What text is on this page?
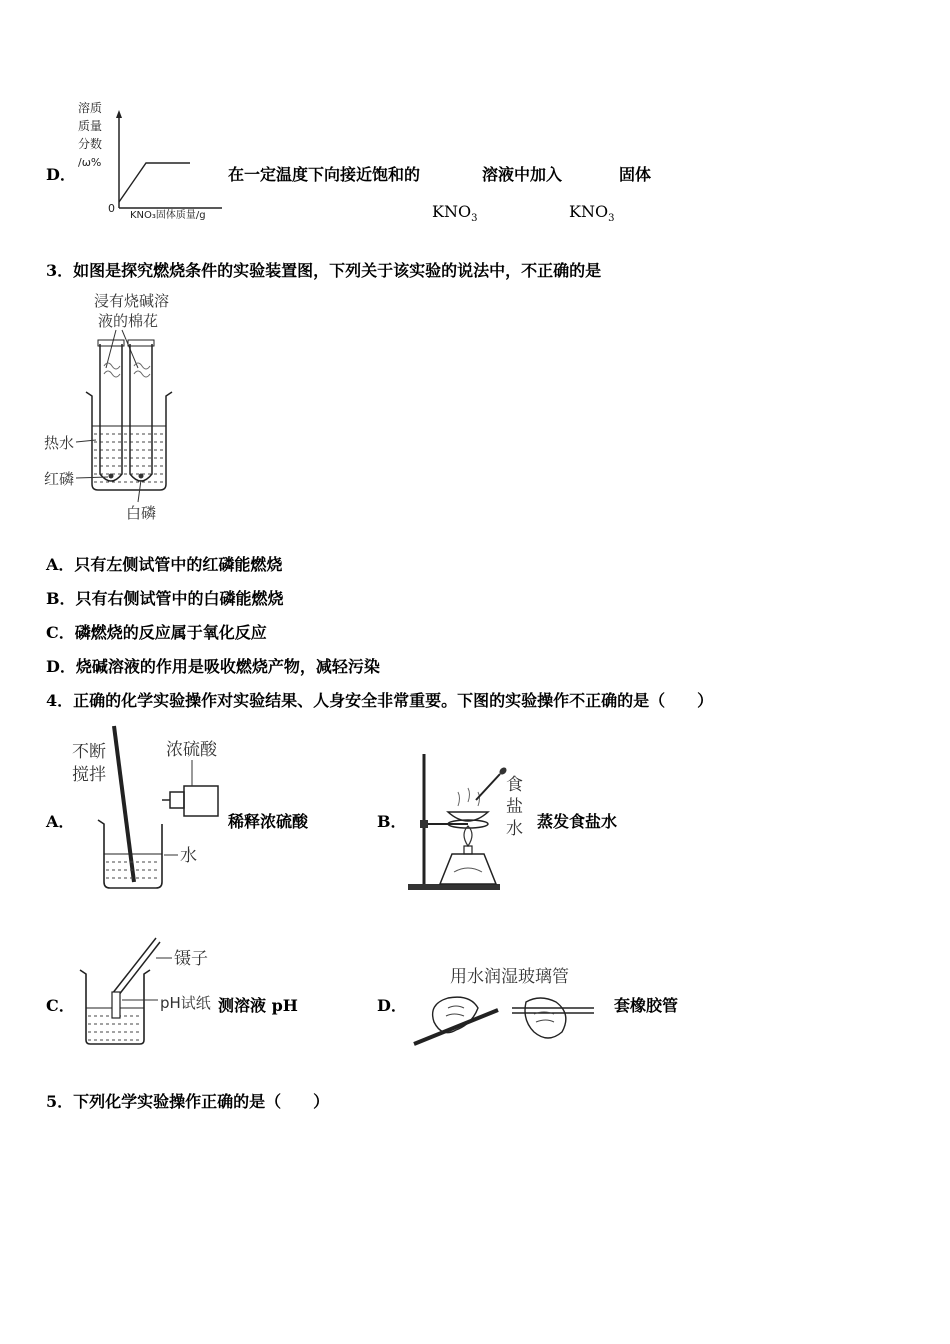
D．
溶质
质量
分数
/ω%
0
KNO₃固体质量/g
在一定温度下向接近饱和的	溶液中加入	固体
$KNO_3$	$KNO_3$
3．如图是探究燃烧条件的实验装置图，下列关于该实验的说法中，不正确的是
浸有烧碱溶
液的棉花
热水
红磷
白磷
A．只有左侧试管中的红磷能燃烧
B．只有右侧试管中的白磷能燃烧
C．磷燃烧的反应属于氧化反应
D．烧碱溶液的作用是吸收燃烧产物，减轻污染
4．正确的化学实验操作对实验结果、人身安全非常重要。下图的实验操作不正确的是（　　）
A．
不断
搅拌
浓硫酸
水
稀释浓硫酸	B．
食
盐
水 蒸发食盐水
C．
镊子
pH试纸 测溶液 pH	D．
用水润湿玻璃管
套橡胶管
5．下列化学实验操作正确的是（　　）
